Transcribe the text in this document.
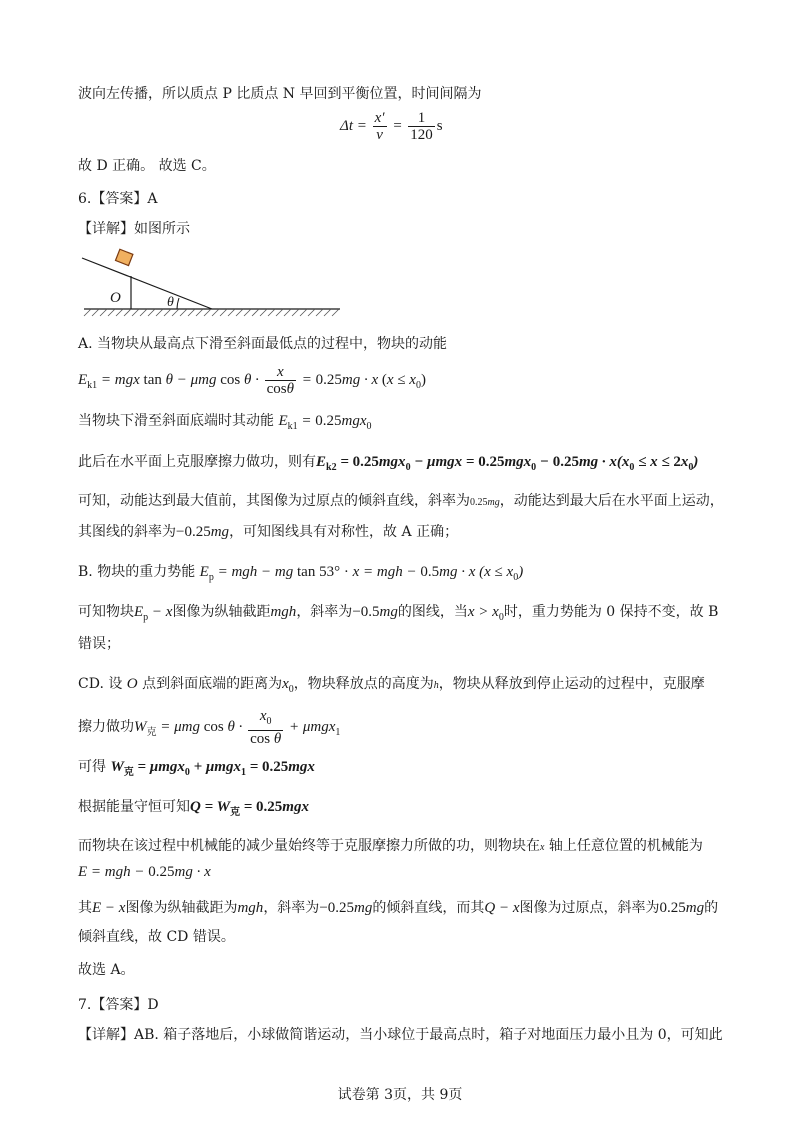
波向左传播，所以质点 P 比质点 N 早回到平衡位置，时间间隔为
$\Delta t = \frac{x'}{v} = \frac{1}{120}$ s
故 D 正确。 故选 C。
6.【答案】A
【详解】如图所示
O	θ
A. 当物块从最高点下滑至斜面最低点的过程中，物块的动能
$E_{k1}$ = mgx tan θ − μmg $\cos \theta \cdot \frac{x}{\cos\theta} = 0.25mg \cdot x$ $(x \le x_0)$
当物块下滑至斜面底端时其动能 $E_{k1} = 0.25mgx_0$
此后在水平面上克服摩擦力做功，则有$E_{k2} = 0.25mgx_0 - \mu mgx = 0.25mgx_0 - 0.25mg \cdot x(x_0 \le x \le 2x_0)$
可知，动能达到最大值前，其图像为过原点的倾斜直线，斜率为0.25mg，动能达到最大后在水平面上运动，
其图线的斜率为−0.25mg，可知图线具有对称性，故 A 正确；
B. 物块的重力势能 $E_p$ = mgh − mg tan 53° · x = mgh − 0.5mg · x $(x \le x_0)$
可知物块$E_p - x$图像为纵轴截距mgh，斜率为−0.5mg的图线，当$x > x_0$时，重力势能为 0 保持不变，故 B
错误；
CD. 设 O 点到斜面底端的距离为$x_0$，物块释放点的高度为h，物块从释放到停止运动的过程中，克服摩
擦力做功$W_克 = \mu mg$ $\cos \theta \cdot \frac{x_0}{\text{cos θ}} + \mu mgx_1$
可得 $W_克 = \mu mgx_0 + \mu mgx_1 = 0.25mgx$
根据能量守恒可知$Q = W_克 = 0.25mgx$
而物块在该过程中机械能的减少量始终等于克服摩擦力所做的功，则物块在x 轴上任意位置的机械能为
E = mgh − 0.25mg · x
其E − x图像为纵轴截距为mgh，斜率为−0.25mg的倾斜直线，而其Q − x图像为过原点，斜率为0.25mg的
倾斜直线，故 CD 错误。
故选 A。
7.【答案】D
【详解】AB. 箱子落地后，小球做简谐运动，当小球位于最高点时，箱子对地面压力最小且为 0，可知此
试卷第 3页，共 9页
